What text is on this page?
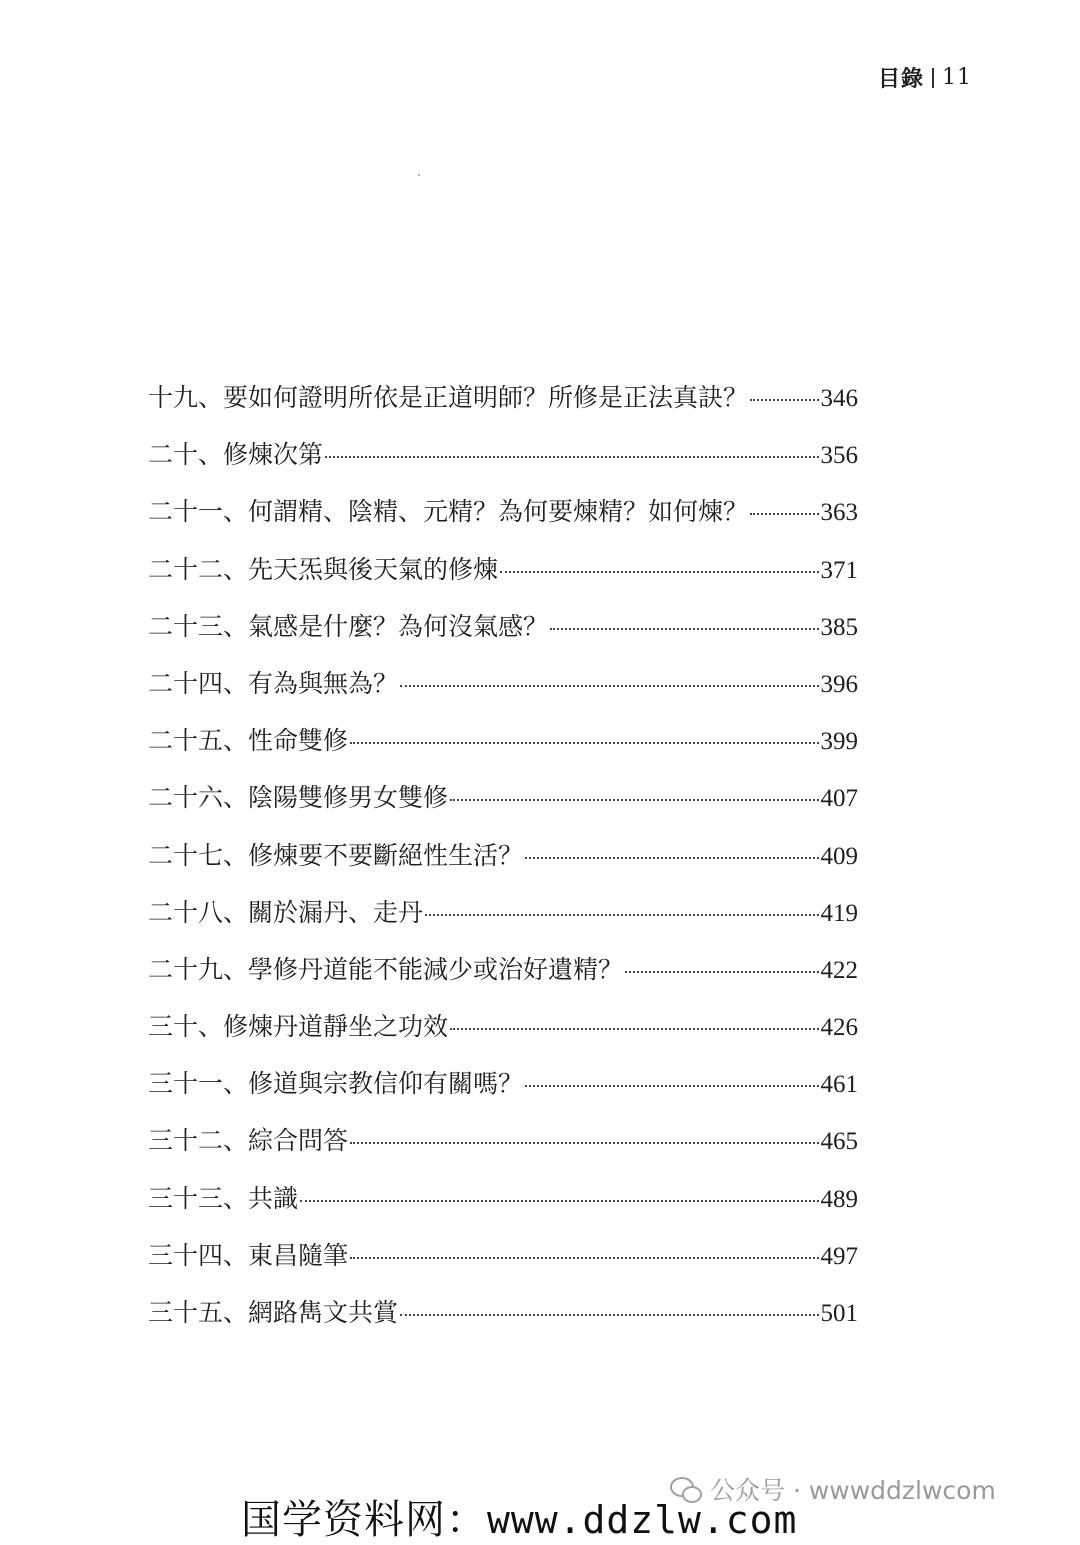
目錄 11
十九、要如何證明所依是正道明師？所修是正法真訣？	346
二十、修煉次第	356
二十一、何謂精、陰精、元精？為何要煉精？如何煉？	363
二十二、先天炁與後天氣的修煉	371
二十三、氣感是什麼？為何沒氣感？	385
二十四、有為與無為？	396
二十五、性命雙修	399
二十六、陰陽雙修男女雙修	407
二十七、修煉要不要斷絕性生活？	409
二十八、關於漏丹、走丹	419
二十九、學修丹道能不能減少或治好遺精？	422
三十、修煉丹道靜坐之功效	426
三十一、修道與宗教信仰有關嗎？	461
三十二、綜合問答	465
三十三、共識	489
三十四、東昌隨筆	497
三十五、網路雋文共賞	501
公众号 · wwwddzlwcom
国学资料网：www.ddzlw.com
